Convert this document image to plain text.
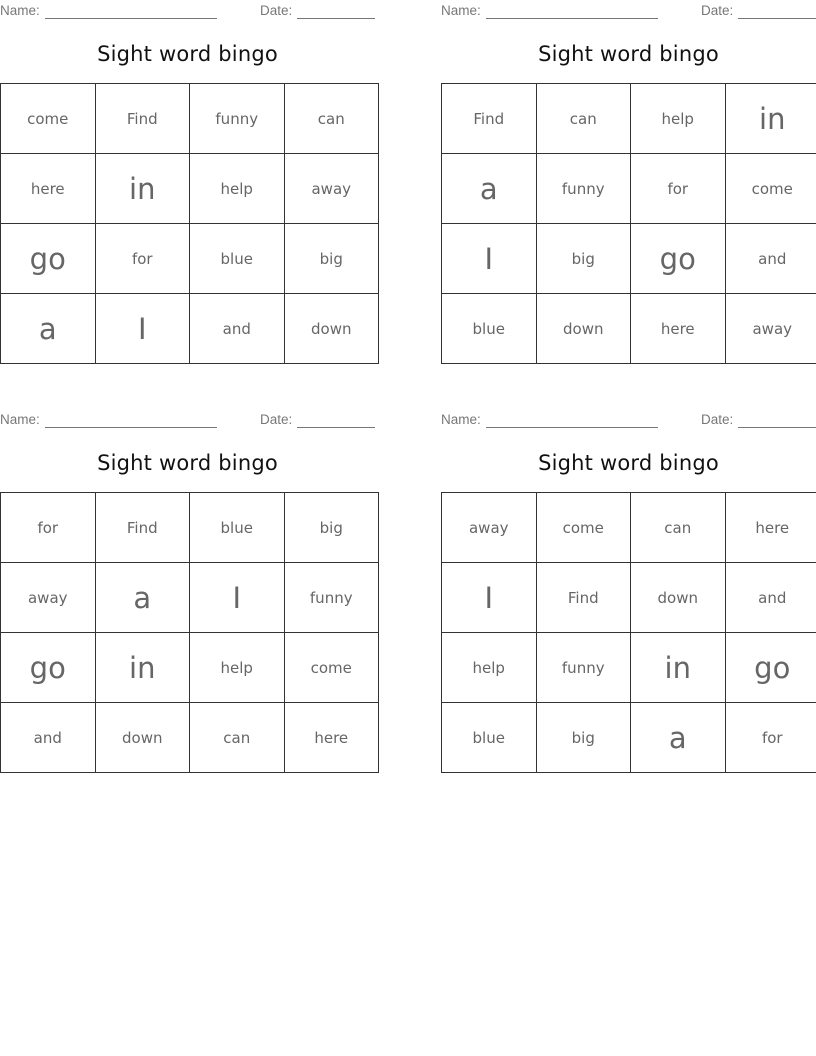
Name:	Date:
Sight word bingo
come	Find	funny	can
here	in	help	away
go	for	blue	big
a	I	and	down
Name:	Date:
Sight word bingo
Find	can	help	in
a	funny	for	come
I	big	go	and
blue	down	here	away
Name:	Date:
Sight word bingo
for	Find	blue	big
away	a	I	funny
go	in	help	come
and	down	can	here
Name:	Date:
Sight word bingo
away	come	can	here
I	Find	down	and
help	funny	in	go
blue	big	a	for
